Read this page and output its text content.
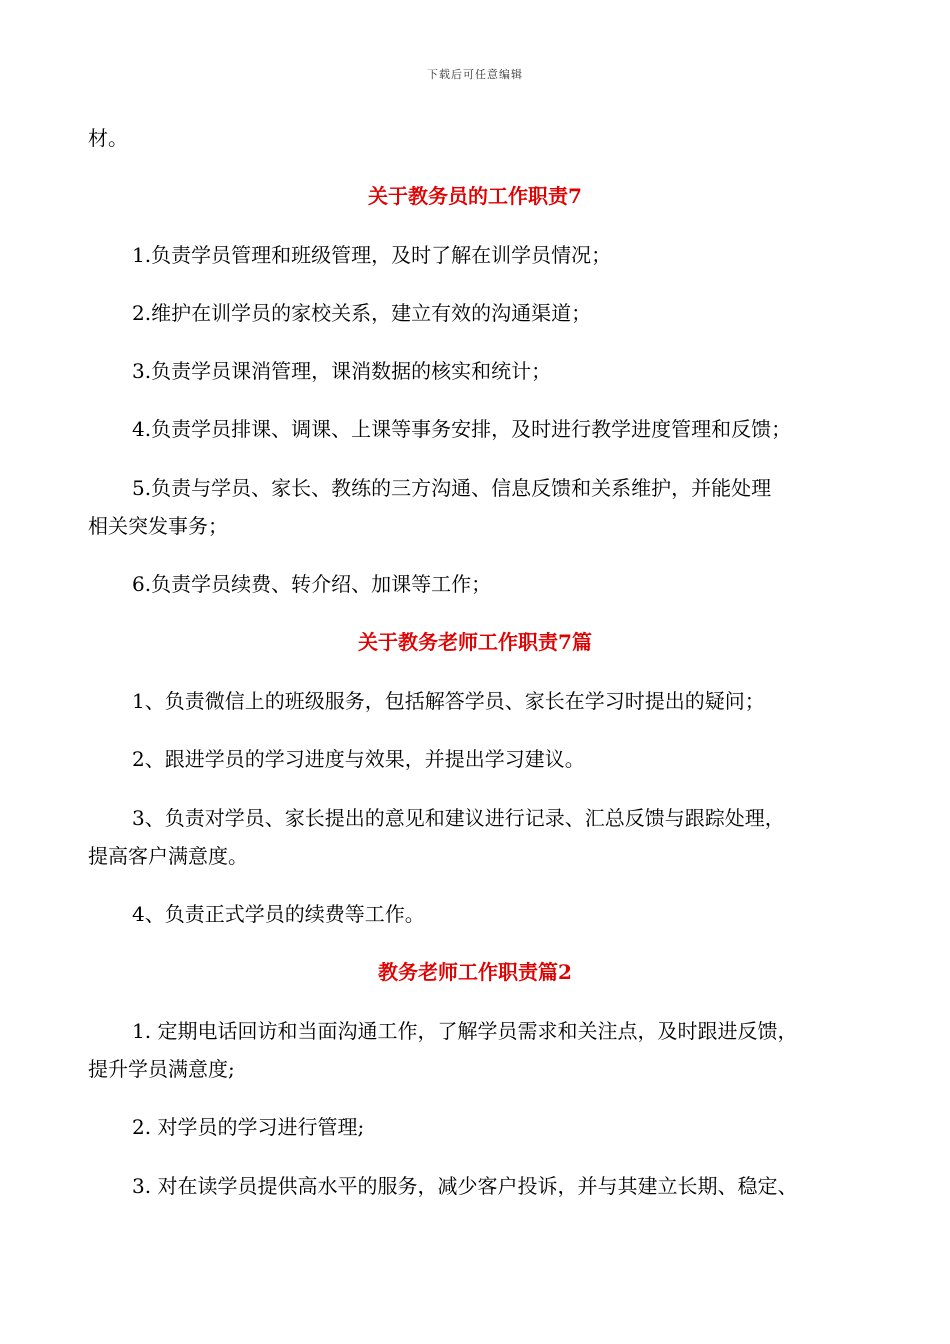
下载后可任意编辑
材。
关于教务员的工作职责7
1.负责学员管理和班级管理，及时了解在训学员情况；
2.维护在训学员的家校关系，建立有效的沟通渠道；
3.负责学员课消管理，课消数据的核实和统计；
4.负责学员排课、调课、上课等事务安排，及时进行教学进度管理和反馈；
5.负责与学员、家长、教练的三方沟通、信息反馈和关系维护，并能处理
相关突发事务；
6.负责学员续费、转介绍、加课等工作；
关于教务老师工作职责7篇
1、负责微信上的班级服务，包括解答学员、家长在学习时提出的疑问；
2、跟进学员的学习进度与效果，并提出学习建议。
3、负责对学员、家长提出的意见和建议进行记录、汇总反馈与跟踪处理，
提高客户满意度。
4、负责正式学员的续费等工作。
教务老师工作职责篇2
1. 定期电话回访和当面沟通工作，了解学员需求和关注点，及时跟进反馈，
提升学员满意度;
2. 对学员的学习进行管理;
3. 对在读学员提供高水平的服务，减少客户投诉，并与其建立长期、稳定、
